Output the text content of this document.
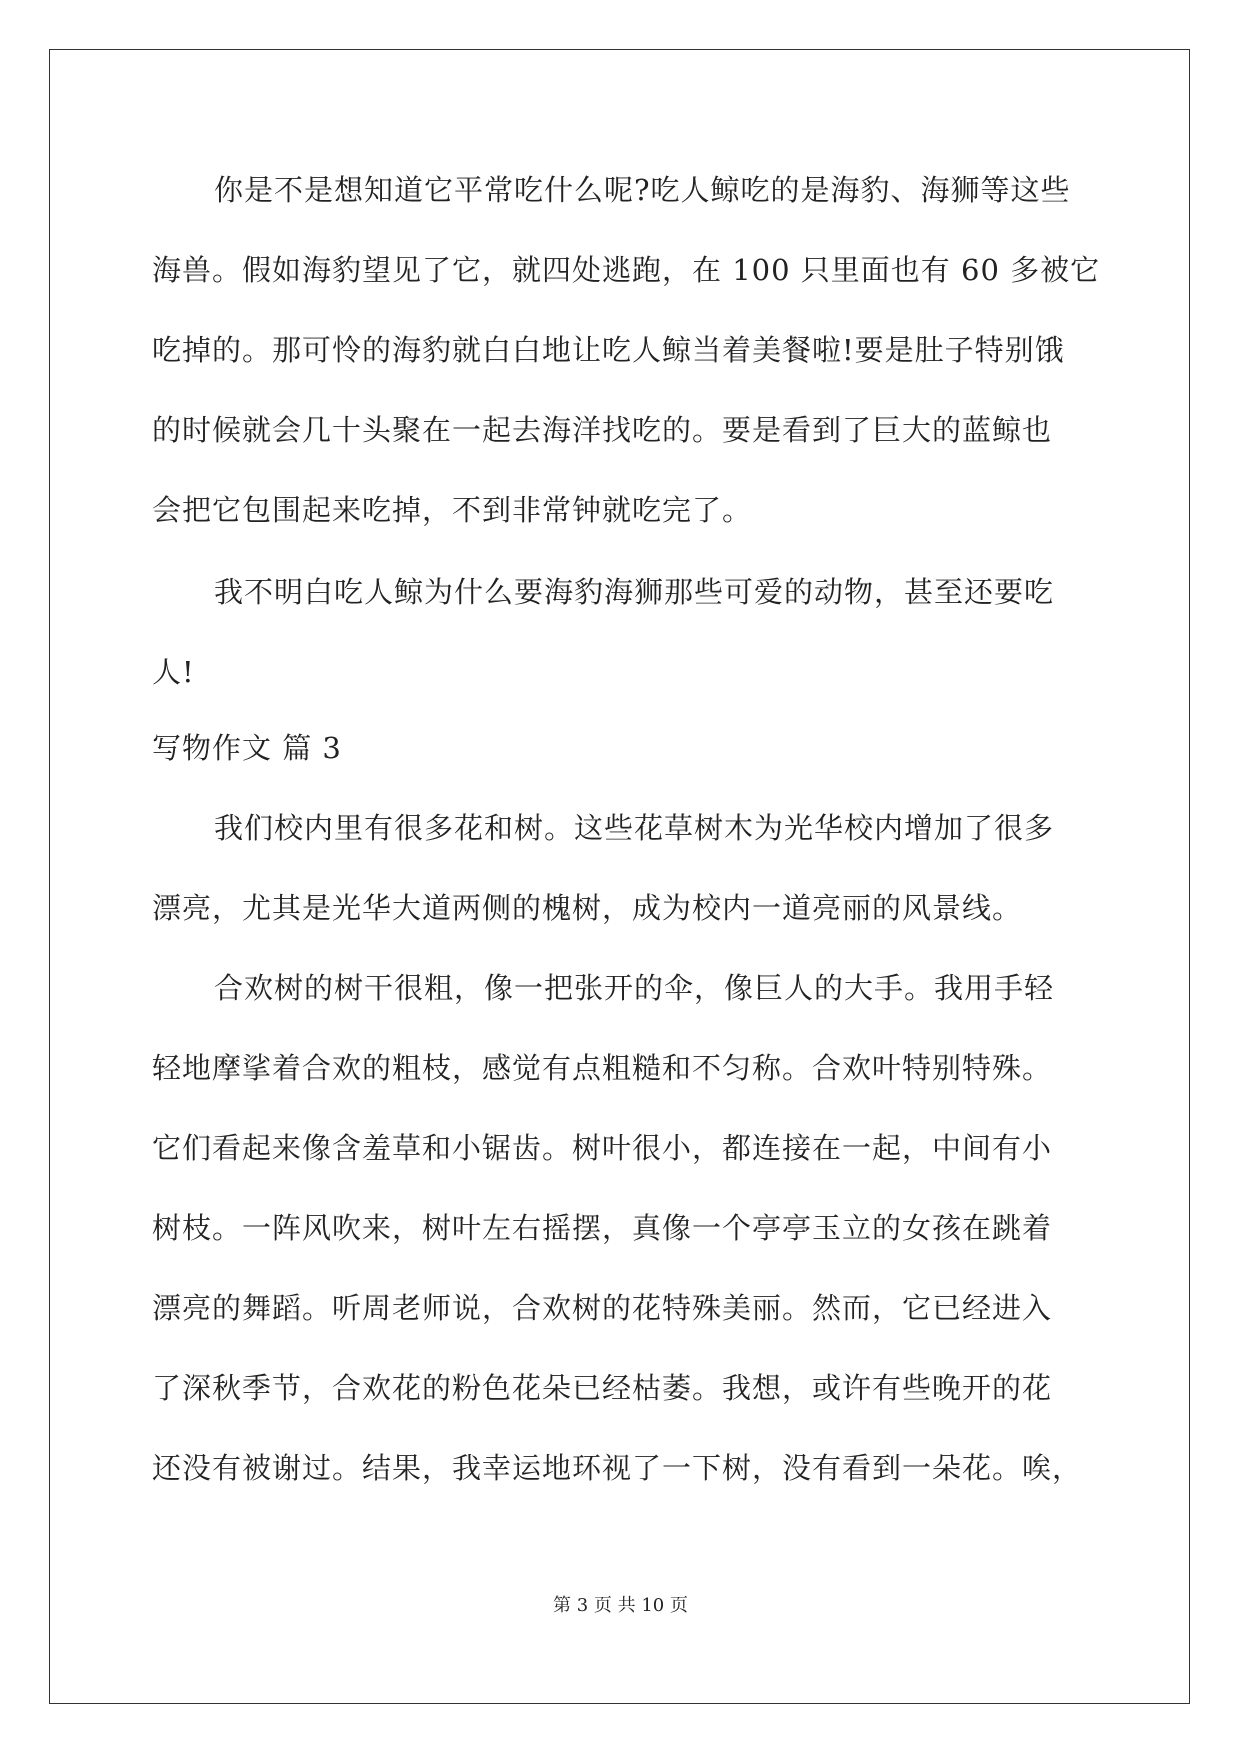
你是不是想知道它平常吃什么呢?吃人鲸吃的是海豹、海狮等这些
海兽。假如海豹望见了它，就四处逃跑，在 100 只里面也有 60 多被它
吃掉的。那可怜的海豹就白白地让吃人鲸当着美餐啦!要是肚子特别饿
的时候就会几十头聚在一起去海洋找吃的。要是看到了巨大的蓝鲸也
会把它包围起来吃掉，不到非常钟就吃完了。
我不明白吃人鲸为什么要海豹海狮那些可爱的动物，甚至还要吃
人!
写物作文 篇 3
我们校内里有很多花和树。这些花草树木为光华校内增加了很多
漂亮，尤其是光华大道两侧的槐树，成为校内一道亮丽的风景线。
合欢树的树干很粗，像一把张开的伞，像巨人的大手。我用手轻
轻地摩挲着合欢的粗枝，感觉有点粗糙和不匀称。合欢叶特别特殊。
它们看起来像含羞草和小锯齿。树叶很小，都连接在一起，中间有小
树枝。一阵风吹来，树叶左右摇摆，真像一个亭亭玉立的女孩在跳着
漂亮的舞蹈。听周老师说，合欢树的花特殊美丽。然而，它已经进入
了深秋季节，合欢花的粉色花朵已经枯萎。我想，或许有些晚开的花
还没有被谢过。结果，我幸运地环视了一下树，没有看到一朵花。唉，
第 3 页 共 10 页
